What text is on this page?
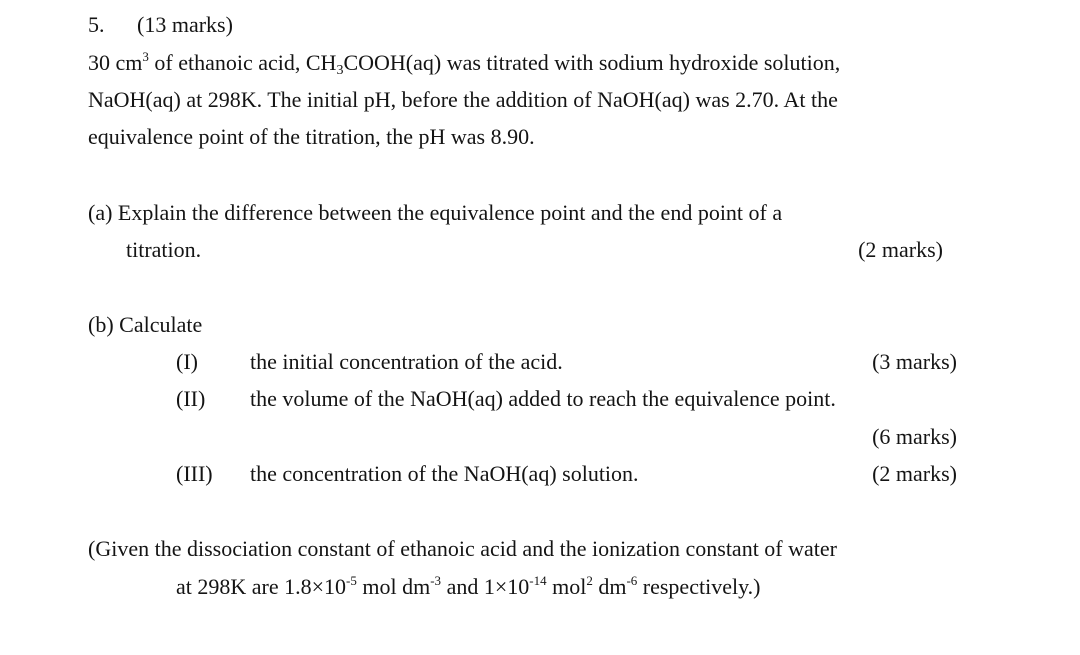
5. (13 marks)
30 $cm^3$ of ethanoic acid, $CH_3COOH(aq)$ was titrated with sodium hydroxide solution,
NaOH(aq) at 298K. The initial pH, before the addition of NaOH(aq) was 2.70. At the
equivalence point of the titration, the pH was 8.90.
(a) Explain the difference between the equivalence point and the end point of a
titration.	(2 marks)
(b) Calculate
(I) the initial concentration of the acid.	(3 marks)
(II) the volume of the NaOH(aq) added to reach the equivalence point.
(6 marks)
(III) the concentration of the NaOH(aq) solution.	(2 marks)
(Given the dissociation constant of ethanoic acid and the ionization constant of water
at 298K are $1.8\times 10^{-5}$ mol $dm^{-3}$ and $1\times 10^{-14}$ mol$^2$ $dm^{-6}$ respectively.)
